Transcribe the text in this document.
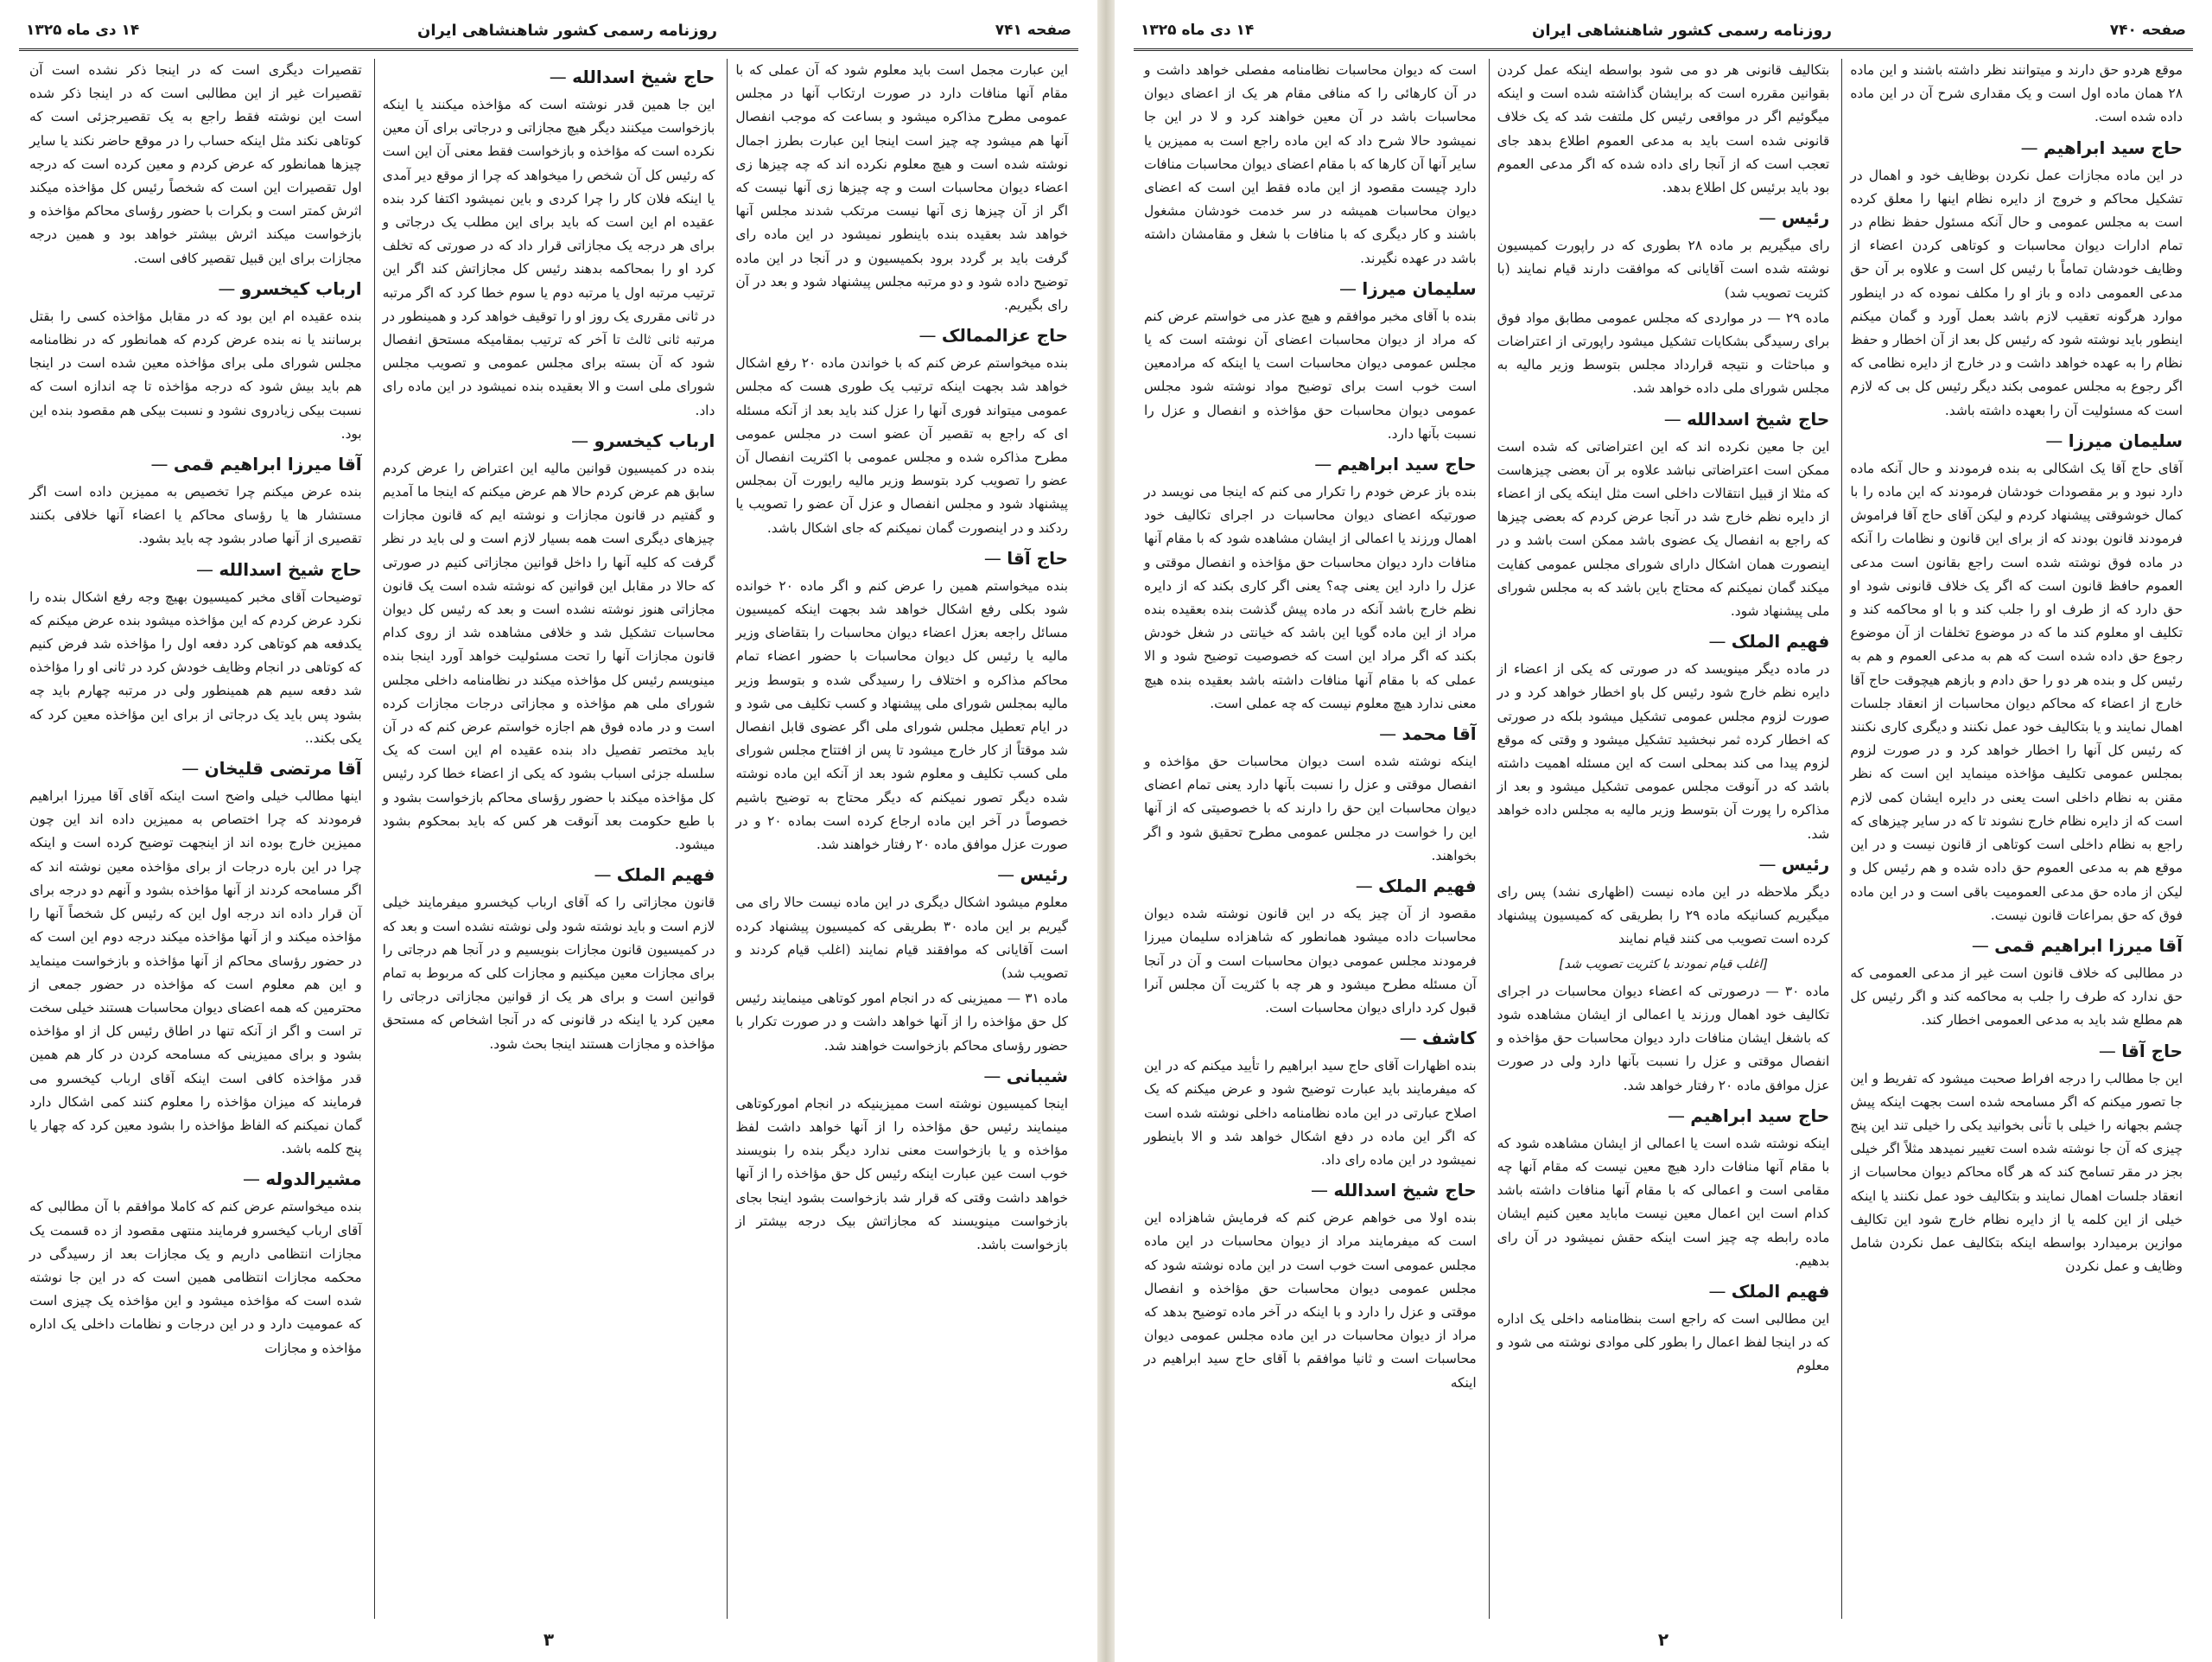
صفحه ۷۴۱
روزنامه رسمی کشور شاهنشاهی ایران
۱۴ دی ماه ۱۳۲۵
این عبارت مجمل است باید معلوم شود که آن عملی که با مقام آنها منافات دارد در صورت ارتکاب آنها در مجلس عمومی مطرح مذاکره میشود و بساعت که موجب انفصال آنها هم میشود چه چیز است اینجا این عبارت بطرز اجمال نوشته شده است و هیچ معلوم نکرده اند که چه چیزها زی اعضاء دیوان محاسبات است و چه چیزها زی آنها نیست که اگر از آن چیزها زی آنها نیست مرتکب شدند مجلس آنها خواهد شد بعقیده بنده باینطور نمیشود در این ماده رای گرفت باید بر گردد برود بکمیسیون و در آنجا در این ماده توضیح داده شود و دو مرتبه مجلس پیشنهاد شود و بعد در آن رای بگیریم.
حاج عزالممالک —
بنده میخواستم عرض کنم که با خواندن ماده ۲۰ رفع اشکال خواهد شد بجهت اینکه ترتیب یک طوری هست که مجلس عمومی میتواند فوری آنها را عزل کند باید بعد از آنکه مسئله ای که راجع به تقصیر آن عضو است در مجلس عمومی مطرح مذاکره شده و مجلس عمومی با اکثریت انفصال آن عضو را تصویب کرد بتوسط وزیر مالیه رایورت آن بمجلس پیشنهاد شود و مجلس انفصال و عزل آن عضو را تصویب یا ردکند و در اینصورت گمان نمیکنم که جای اشکال باشد.
حاج آقا —
بنده میخواستم همین را عرض کنم و اگر ماده ۲۰ خوانده شود بکلی رفع اشکال خواهد شد بجهت اینکه کمیسیون مسائل راجعه بعزل اعضاء دیوان محاسبات را بتقاضای وزیر مالیه یا رئیس کل دیوان محاسبات با حضور اعضاء تمام محاکم مذاکره و اختلاف را رسیدگی شده و بتوسط وزیر مالیه بمجلس شورای ملی پیشنهاد و کسب تکلیف می شود و در ایام تعطیل مجلس شورای ملی اگر عضوی قابل انفصال شد موقتاً از کار خارج میشود تا پس از افتتاح مجلس شورای ملی کسب تکلیف و معلوم شود بعد از آنکه این ماده نوشته شده دیگر تصور نمیکنم که دیگر محتاج به توضیح باشیم خصوصاً در آخر این ماده ارجاع کرده است بماده ۲۰ و در صورت عزل موافق ماده ۲۰ رفتار خواهند شد.
رئیس —
معلوم میشود اشکال دیگری در این ماده نیست حالا رای می گیریم بر این ماده ۳۰ بطریقی که کمیسیون پیشنهاد کرده است آقایانی که موافقند قیام نمایند (اغلب قیام کردند و تصویب شد)
ماده ۳۱ — ممیزینی که در انجام امور کوتاهی مینمایند رئیس کل حق مؤاخذه را از آنها خواهد داشت و در صورت تکرار با حضور رؤسای محاکم بازخواست خواهند شد.
شیبانی —
اینجا کمیسیون نوشته است ممیزینیکه در انجام امورکوتاهی مینمایند رئیس حق مؤاخذه را از آنها خواهد داشت لفظ مؤاخذه و یا بازخواست معنی ندارد دیگر بنده را بنویسند خوب است عین عبارت اینکه رئیس کل حق مؤاخذه را از آنها خواهد داشت وقتی که قرار شد بازخواست بشود اینجا بجای بازخواست مینویسند که مجازاتش بیک درجه بیشتر از بازخواست باشد.
حاج شیخ اسدالله —
این جا همین قدر نوشته است که مؤاخذه میکنند یا اینکه بازخواست میکنند دیگر هیچ مجازاتی و درجاتی برای آن معین نکرده است که مؤاخذه و بازخواست فقط معنی آن این است که رئیس کل آن شخص را میخواهد که چرا از موقع دیر آمدی یا اینکه فلان کار را چرا کردی و باین نمیشود اکتفا کرد بنده عقیده ام این است که باید برای این مطلب یک درجاتی و برای هر درجه یک مجازاتی قرار داد که در صورتی که تخلف کرد او را بمحاکمه بدهند رئیس کل مجازاتش کند اگر این ترتیب مرتبه اول یا مرتبه دوم یا سوم خطا کرد که اگر مرتبه در ثانی مقرری یک روز او را توقیف خواهد کرد و همینطور در مرتبه ثانی ثالث تا آخر که ترتیب بمقامیکه مستحق انفصال شود که آن بسته برای مجلس عمومی و تصویب مجلس شورای ملی است و الا بعقیده بنده نمیشود در این ماده رای داد.
ارباب کیخسرو —
بنده در کمیسیون قوانین مالیه این اعتراض را عرض کردم سابق هم عرض کردم حالا هم عرض میکنم که اینجا ما آمدیم و گفتیم در قانون مجازات و نوشته ایم که قانون مجازات چیزهای دیگری است همه بسیار لازم است و لی باید در نظر گرفت که کلیه آنها را داخل قوانین مجازاتی کنیم در صورتی که حالا در مقابل این قوانین که نوشته شده است یک قانون مجازاتی هنوز نوشته نشده است و بعد که رئیس کل دیوان محاسبات تشکیل شد و خلافی مشاهده شد از روی کدام قانون مجازات آنها را تحت مسئولیت خواهد آورد اینجا بنده مینویسم رئیس کل مؤاخذه میکند در نظامنامه داخلی مجلس شورای ملی هم مؤاخذه و مجازاتی درجات مجازات کرده است و در ماده فوق هم اجازه خواستم عرض کنم که در آن باید مختصر تفصیل داد بنده عقیده ام این است که یک سلسله جزئی اسباب بشود که یکی از اعضاء خطا کرد رئیس کل مؤاخذه میکند با حضور رؤسای محاکم بازخواست بشود و با طبع حکومت بعد آنوقت هر کس که باید بمحکوم بشود میشود.
فهیم الملک —
قانون مجازاتی را که آقای ارباب کیخسرو میفرمایند خیلی لازم است و باید نوشته شود ولی نوشته نشده است و بعد که در کمیسیون قانون مجازات بنویسیم و در آنجا هم درجاتی را برای مجازات معین میکنیم و مجازات کلی که مربوط به تمام قوانین است و برای هر یک از قوانین مجازاتی درجاتی را معین کرد یا اینکه در قانونی که در آنجا اشخاص که مستحق مؤاخذه و مجازات هستند اینجا بحث شود.
تقصیرات دیگری است که در اینجا ذکر نشده است آن تقصیرات غیر از این مطالبی است که در اینجا ذکر شده است این نوشته فقط راجع به یک تقصیرجزئی است که کوتاهی نکند مثل اینکه حساب را در موقع حاضر نکند یا سایر چیزها همانطور که عرض کردم و معین کرده است که درجه اول تقصیرات این است که شخصاً رئیس کل مؤاخذه میکند اثرش کمتر است و بکرات با حضور رؤسای محاکم مؤاخذه و بازخواست میکند اثرش بیشتر خواهد بود و همین درجه مجازات برای این قبیل تقصیر کافی است.
ارباب کیخسرو —
بنده عقیده ام این بود که در مقابل مؤاخذه کسی را بقتل برسانند یا نه بنده عرض کردم که همانطور که در نظامنامه مجلس شورای ملی برای مؤاخذه معین شده است در اینجا هم باید بیش شود که درجه مؤاخذه تا چه اندازه است که نسبت بیکی زیادروی نشود و نسبت بیکی هم مقصود بنده این بود.
آقا میرزا ابراهیم قمی —
بنده عرض میکنم چرا تخصیص به ممیزین داده است اگر مستشار ها یا رؤسای محاکم یا اعضاء آنها خلافی بکنند تقصیری از آنها صادر بشود چه باید بشود.
حاج شیخ اسدالله —
توضیحات آقای مخبر کمیسیون بهیچ وجه رفع اشکال بنده را نکرد عرض کردم که این مؤاخذه میشود بنده عرض میکنم که یکدفعه هم کوتاهی کرد دفعه اول را مؤاخذه شد فرض کنیم که کوتاهی در انجام وظایف خودش کرد در ثانی او را مؤاخذه شد دفعه سیم هم همینطور ولی در مرتبه چهارم باید چه بشود پس باید یک درجاتی از برای این مؤاخذه معین کرد که یکی بکند..
آقا مرتضی قلیخان —
اینها مطالب خیلی واضح است اینکه آقای آقا میرزا ابراهیم فرمودند که چرا اختصاص به ممیزین داده اند این چون ممیزین خارج بوده اند از اینجهت توضیح کرده است و اینکه چرا در این باره درجات از برای مؤاخذه معین نوشته اند که اگر مسامحه کردند از آنها مؤاخذه بشود و آنهم دو درجه برای آن قرار داده اند درجه اول این که رئیس کل شخصاً آنها را مؤاخذه میکند و از آنها مؤاخذه میکند درجه دوم این است که در حضور رؤسای محاکم از آنها مؤاخذه و بازخواست مینماید و این هم معلوم است که مؤاخذه در حضور جمعی از محترمین که همه اعضای دیوان محاسبات هستند خیلی سخت تر است و اگر از آنکه تنها در اطاق رئیس کل از او مؤاخذه بشود و برای ممیزینی که مسامحه کردن در کار هم همین قدر مؤاخذه کافی است اینکه آقای ارباب کیخسرو می فرمایند که میزان مؤاخذه را معلوم کنند کمی اشکال دارد گمان نمیکنم که الفاظ مؤاخذه را بشود معین کرد که چهار یا پنج کلمه باشد.
مشیرالدوله —
بنده میخواستم عرض کنم که کاملا موافقم با آن مطالبی که آقای ارباب کیخسرو فرمایند منتهی مقصود از ده قسمت یک مجازات انتظامی داریم و یک مجازات بعد از رسیدگی در محکمه مجازات انتظامی همین است که در این جا نوشته شده است که مؤاخذه میشود و این مؤاخذه یک چیزی است که عمومیت دارد و در این درجات و نظامات داخلی یک اداره مؤاخذه و مجازات
۳
صفحه ۷۴۰
روزنامه رسمی کشور شاهنشاهی ایران
۱۴ دی ماه ۱۳۲۵
موقع هردو حق دارند و میتوانند نظر داشته باشند و این ماده ۲۸ همان ماده اول است و یک مقداری شرح آن در این ماده داده شده است.
حاج سید ابراهیم —
در این ماده مجازات عمل نکردن بوظایف خود و اهمال در تشکیل محاکم و خروج از دایره نظام اینها را معلق کرده است به مجلس عمومی و حال آنکه مسئول حفظ نظام در تمام ادارات دیوان محاسبات و کوتاهی کردن اعضاء از وظایف خودشان تماماً با رئیس کل است و علاوه بر آن حق مدعی العمومی داده و باز او را مکلف نموده که در اینطور موارد هرگونه تعقیب لازم باشد بعمل آورد و گمان میکنم اینطور باید نوشته شود که رئیس کل بعد از آن اخطار و حفظ نظام را به عهده خواهد داشت و در خارج از دایره نظامی که اگر رجوع به مجلس عمومی بکند دیگر رئیس کل بی که لازم است که مسئولیت آن را بعهده داشته باشد.
سلیمان میرزا —
آقای حاج آقا یک اشکالی به بنده فرمودند و حال آنکه ماده دارد نبود و بر مقصودات خودشان فرمودند که این ماده را با کمال خوشوقتی پیشنهاد کردم و لیکن آقای حاج آقا فراموش فرمودند قانون بودند که از برای این قانون و نظامات را آنکه در ماده فوق نوشته شده است راجع بقانون است مدعی العموم حافظ قانون است که اگر یک خلاف قانونی شود او حق دارد که از طرف او را جلب کند و با او محاکمه کند و تکلیف او معلوم کند ما که در موضوع تخلفات از آن موضوع رجوع حق داده شده است که هم به مدعی العموم و هم به رئیس کل و بنده هر دو را حق دادم و بازهم هیچوقت حاج آقا خارج از اعضاء که محاکم دیوان محاسبات از انعقاد جلسات اهمال نمایند و یا بتکالیف خود عمل نکنند و دیگری کاری نکنند که رئیس کل آنها را اخطار خواهد کرد و در صورت لزوم بمجلس عمومی تکلیف مؤاخذه مینماید این است که نظر مقنن به نظام داخلی است یعنی در دایره ایشان کمی لازم است که از دایره نظام خارج نشوند تا که در سایر چیزهای که راجع به نظام داخلی است کوتاهی از قانون نیست و در این موقع هم به مدعی العموم حق داده شده و هم رئیس کل و لیکن از ماده حق مدعی العمومیت باقی است و در این ماده فوق که حق بمراعات قانون نیست.
آقا میرزا ابراهیم قمی —
در مطالبی که خلاف قانون است غیر از مدعی العمومی که حق ندارد که طرف را جلب به محاکمه کند و اگر رئیس کل هم مطلع شد باید به مدعی العمومی اخطار کند.
حاج آقا —
این جا مطالب را درجه افراط صحبت میشود که تفریط و این جا تصور میکنم که اگر مسامحه شده است بجهت اینکه پیش چشم بجهانه را خیلی با تأنی بخوانید یکی را خیلی تند این پنج چیزی که آن جا نوشته شده است تغییر نمیدهد مثلاً اگر خیلی بجز در مقر تسامح کند که هر گاه محاکم دیوان محاسبات از انعقاد جلسات اهمال نمایند و بتکالیف خود عمل نکنند یا اینکه خیلی از این کلمه یا از دایره نظام خارج شود این تکالیف موازین برمیدارد بواسطه اینکه بتکالیف عمل نکردن شامل وظایف و عمل نکردن
بتکالیف قانونی هر دو می شود بواسطه اینکه عمل کردن بقوانین مقرره است که برایشان گذاشته شده است و اینکه میگوئیم اگر در مواقعی رئیس کل ملتفت شد که یک خلاف قانونی شده است باید به مدعی العموم اطلاع بدهد جای تعجب است که از آنجا رای داده شده که اگر مدعی العموم بود باید برئیس کل اطلاع بدهد.
رئیس —
رای میگیریم بر ماده ۲۸ بطوری که در راپورت کمیسیون نوشته شده است آقایانی که موافقت دارند قیام نمایند (با کثریت تصویب شد)
ماده ۲۹ — در مواردی که مجلس عمومی مطابق مواد فوق برای رسیدگی بشکایات تشکیل میشود راپورتی از اعتراضات و مباحثات و نتیجه قرارداد مجلس بتوسط وزیر مالیه به مجلس شورای ملی داده خواهد شد.
حاج شیخ اسدالله —
این جا معین نکرده اند که این اعتراضاتی که شده است ممکن است اعتراضاتی نباشد علاوه بر آن بعضی چیزهاست که مثلا از قبیل انتقالات داخلی است مثل اینکه یکی از اعضاء از دایره نظم خارج شد در آنجا عرض کردم که بعضی چیزها که راجع به انفصال یک عضوی باشد ممکن است باشد و در اینصورت همان اشکال دارای شورای مجلس عمومی کفایت میکند گمان نمیکنم که محتاج باین باشد که به مجلس شورای ملی پیشنهاد شود.
فهیم الملک —
در ماده دیگر مینویسد که در صورتی که یکی از اعضاء از دایره نظم خارج شود رئیس کل باو اخطار خواهد کرد و در صورت لزوم مجلس عمومی تشکیل میشود بلکه در صورتی که اخطار کرده ثمر نبخشید تشکیل میشود و وقتی که موقع لزوم پیدا می کند بمحلی است که این مسئله اهمیت داشته باشد که در آنوقت مجلس عمومی تشکیل میشود و بعد از مذاکره را پورت آن بتوسط وزیر مالیه به مجلس داده خواهد شد.
رئیس —
دیگر ملاحظه در این ماده نیست (اظهاری نشد) پس رای میگیریم کسانیکه ماده ۲۹ را بطریقی که کمیسیون پیشنهاد کرده است تصویب می کنند قیام نمایند
[اغلب قیام نمودند با کثریت تصویب شد]
ماده ۳۰ — درصورتی که اعضاء دیوان محاسبات در اجرای تکالیف خود اهمال ورزند یا اعمالی از ایشان مشاهده شود که باشغل ایشان منافات دارد دیوان محاسبات حق مؤاخذه و انفصال موقتی و عزل را نسبت بآنها دارد ولی در صورت عزل موافق ماده ۲۰ رفتار خواهد شد.
حاج سید ابراهیم —
اینکه نوشته شده است یا اعمالی از ایشان مشاهده شود که با مقام آنها منافات دارد هیچ معین نیست که مقام آنها چه مقامی است و اعمالی که با مقام آنها منافات داشته باشد کدام است این اعمال معین نیست ماباید معین کنیم ایشان ماده رابطه چه چیز است اینکه حقش نمیشود در آن رای بدهیم.
فهیم الملک —
این مطالبی است که راجع است بنظامنامه داخلی یک اداره که در اینجا لفظ اعمال را بطور کلی موادی نوشته می شود و معلوم
است که دیوان محاسبات نظامنامه مفصلی خواهد داشت و در آن کارهائی را که منافی مقام هر یک از اعضای دیوان محاسبات باشد در آن معین خواهند کرد و لا در این جا نمیشود حالا شرح داد که این ماده راجع است به ممیزین یا سایر آنها آن کارها که با مقام اعضای دیوان محاسبات منافات دارد چیست مقصود از این ماده فقط این است که اعضای دیوان محاسبات همیشه در سر خدمت خودشان مشغول باشند و کار دیگری که با منافات با شغل و مقامشان داشته باشد در عهده نگیرند.
سلیمان میرزا —
بنده با آقای مخبر موافقم و هیچ عذر می خواستم عرض کنم که مراد از دیوان محاسبات اعضای آن نوشته است که یا مجلس عمومی دیوان محاسبات است یا اینکه که مرادمعین است خوب است برای توضیح مواد نوشته شود مجلس عمومی دیوان محاسبات حق مؤاخذه و انفصال و عزل را نسبت بآنها دارد.
حاج سید ابراهیم —
بنده باز عرض خودم را تکرار می کنم که اینجا می نویسد در صورتیکه اعضای دیوان محاسبات در اجرای تکالیف خود اهمال ورزند یا اعمالی از ایشان مشاهده شود که با مقام آنها منافات دارد دیوان محاسبات حق مؤاخذه و انفصال موقتی و عزل را دارد این یعنی چه؟ یعنی اگر کاری بکند که از دایره نظم خارج باشد آنکه در ماده پیش گذشت بنده بعقیده بنده مراد از این ماده گویا این باشد که خیانتی در شغل خودش بکند که اگر مراد این است که خصوصیت توضیح شود و الا عملی که با مقام آنها منافات داشته باشد بعقیده بنده هیچ معنی ندارد هیچ معلوم نیست که چه عملی است.
آقا محمد —
اینکه نوشته شده است دیوان محاسبات حق مؤاخذه و انفصال موقتی و عزل را نسبت بآنها دارد یعنی تمام اعضای دیوان محاسبات این حق را دارند که با خصوصیتی که از آنها این را خواست در مجلس عمومی مطرح تحقیق شود و اگر بخواهند.
فهیم الملک —
مقصود از آن چیز یکه در این قانون نوشته شده دیوان محاسبات داده میشود همانطور که شاهزاده سلیمان میرزا فرمودند مجلس عمومی دیوان محاسبات است و آن در آنجا آن مسئله مطرح میشود و هر چه با کثریت آن مجلس آنرا قبول کرد دارای دیوان محاسبات است.
کاشف —
بنده اظهارات آقای حاج سید ابراهیم را تأیید میکنم که در این که میفرمایند باید عبارت توضیح شود و عرض میکنم که یک اصلاح عبارتی در این ماده نظامنامه داخلی نوشته شده است که اگر این ماده در دفع اشکال خواهد شد و الا باینطور نمیشود در این ماده رای داد.
حاج شیخ اسدالله —
بنده اولا می خواهم عرض کنم که فرمایش شاهزاده این است که میفرمایند مراد از دیوان محاسبات در این ماده مجلس عمومی است خوب است در این ماده نوشته شود که مجلس عمومی دیوان محاسبات حق مؤاخذه و انفصال موقتی و عزل را دارد و با اینکه در آخر ماده توضیح بدهد که مراد از دیوان محاسبات در این ماده مجلس عمومی دیوان محاسبات است و ثانیا موافقم با آقای حاج سید ابراهیم در اینکه
۲
